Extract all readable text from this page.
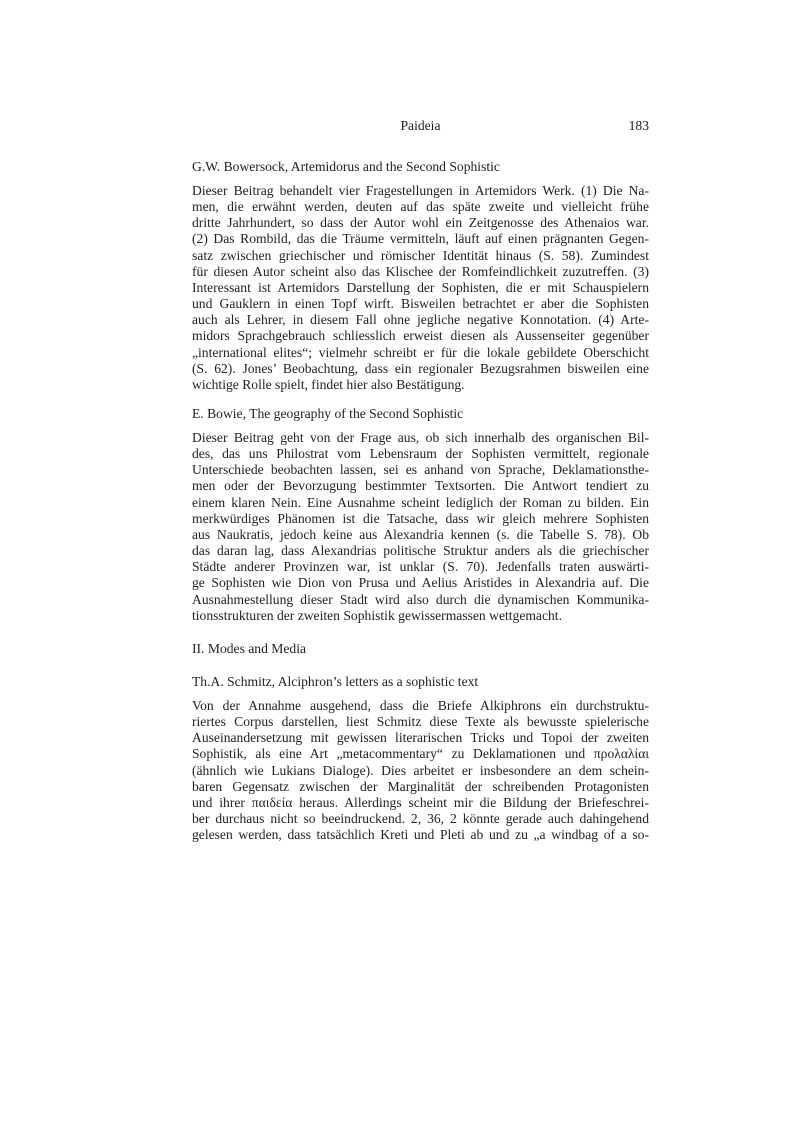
Paideia	183
G.W. Bowersock, Artemidorus and the Second Sophistic
Dieser Beitrag behandelt vier Fragestellungen in Artemidors Werk. (1) Die Na-
men, die erwähnt werden, deuten auf das späte zweite und vielleicht frühe
dritte Jahrhundert, so dass der Autor wohl ein Zeitgenosse des Athenaios war.
(2) Das Rombild, das die Träume vermitteln, läuft auf einen prägnanten Gegen-
satz zwischen griechischer und römischer Identität hinaus (S. 58). Zumindest
für diesen Autor scheint also das Klischee der Romfeindlichkeit zuzutreffen. (3)
Interessant ist Artemidors Darstellung der Sophisten, die er mit Schauspielern
und Gauklern in einen Topf wirft. Bisweilen betrachtet er aber die Sophisten
auch als Lehrer, in diesem Fall ohne jegliche negative Konnotation. (4) Arte-
midors Sprachgebrauch schliesslich erweist diesen als Aussenseiter gegenüber
„international elites“; vielmehr schreibt er für die lokale gebildete Oberschicht
(S. 62). Jones’ Beobachtung, dass ein regionaler Bezugsrahmen bisweilen eine
wichtige Rolle spielt, findet hier also Bestätigung.
E. Bowie, The geography of the Second Sophistic
Dieser Beitrag geht von der Frage aus, ob sich innerhalb des organischen Bil-
des, das uns Philostrat vom Lebensraum der Sophisten vermittelt, regionale
Unterschiede beobachten lassen, sei es anhand von Sprache, Deklamationsthe-
men oder der Bevorzugung bestimmter Textsorten. Die Antwort tendiert zu
einem klaren Nein. Eine Ausnahme scheint lediglich der Roman zu bilden. Ein
merkwürdiges Phänomen ist die Tatsache, dass wir gleich mehrere Sophisten
aus Naukratis, jedoch keine aus Alexandria kennen (s. die Tabelle S. 78). Ob
das daran lag, dass Alexandrias politische Struktur anders als die griechischer
Städte anderer Provinzen war, ist unklar (S. 70). Jedenfalls traten auswärti-
ge Sophisten wie Dion von Prusa und Aelius Aristides in Alexandria auf. Die
Ausnahmestellung dieser Stadt wird also durch die dynamischen Kommunika-
tionsstrukturen der zweiten Sophistik gewissermassen wettgemacht.
II. Modes and Media
Th.A. Schmitz, Alciphron’s letters as a sophistic text
Von der Annahme ausgehend, dass die Briefe Alkiphrons ein durchstruktu-
riertes Corpus darstellen, liest Schmitz diese Texte als bewusste spielerische
Auseinandersetzung mit gewissen literarischen Tricks und Topoi der zweiten
Sophistik, als eine Art „metacommentary“ zu Deklamationen und προλαλίαι
(ähnlich wie Lukians Dialoge). Dies arbeitet er insbesondere an dem schein-
baren Gegensatz zwischen der Marginalität der schreibenden Protagonisten
und ihrer παιδεία heraus. Allerdings scheint mir die Bildung der Briefeschrei-
ber durchaus nicht so beeindruckend. 2, 36, 2 könnte gerade auch dahingehend
gelesen werden, dass tatsächlich Kreti und Pleti ab und zu „a windbag of a so-
